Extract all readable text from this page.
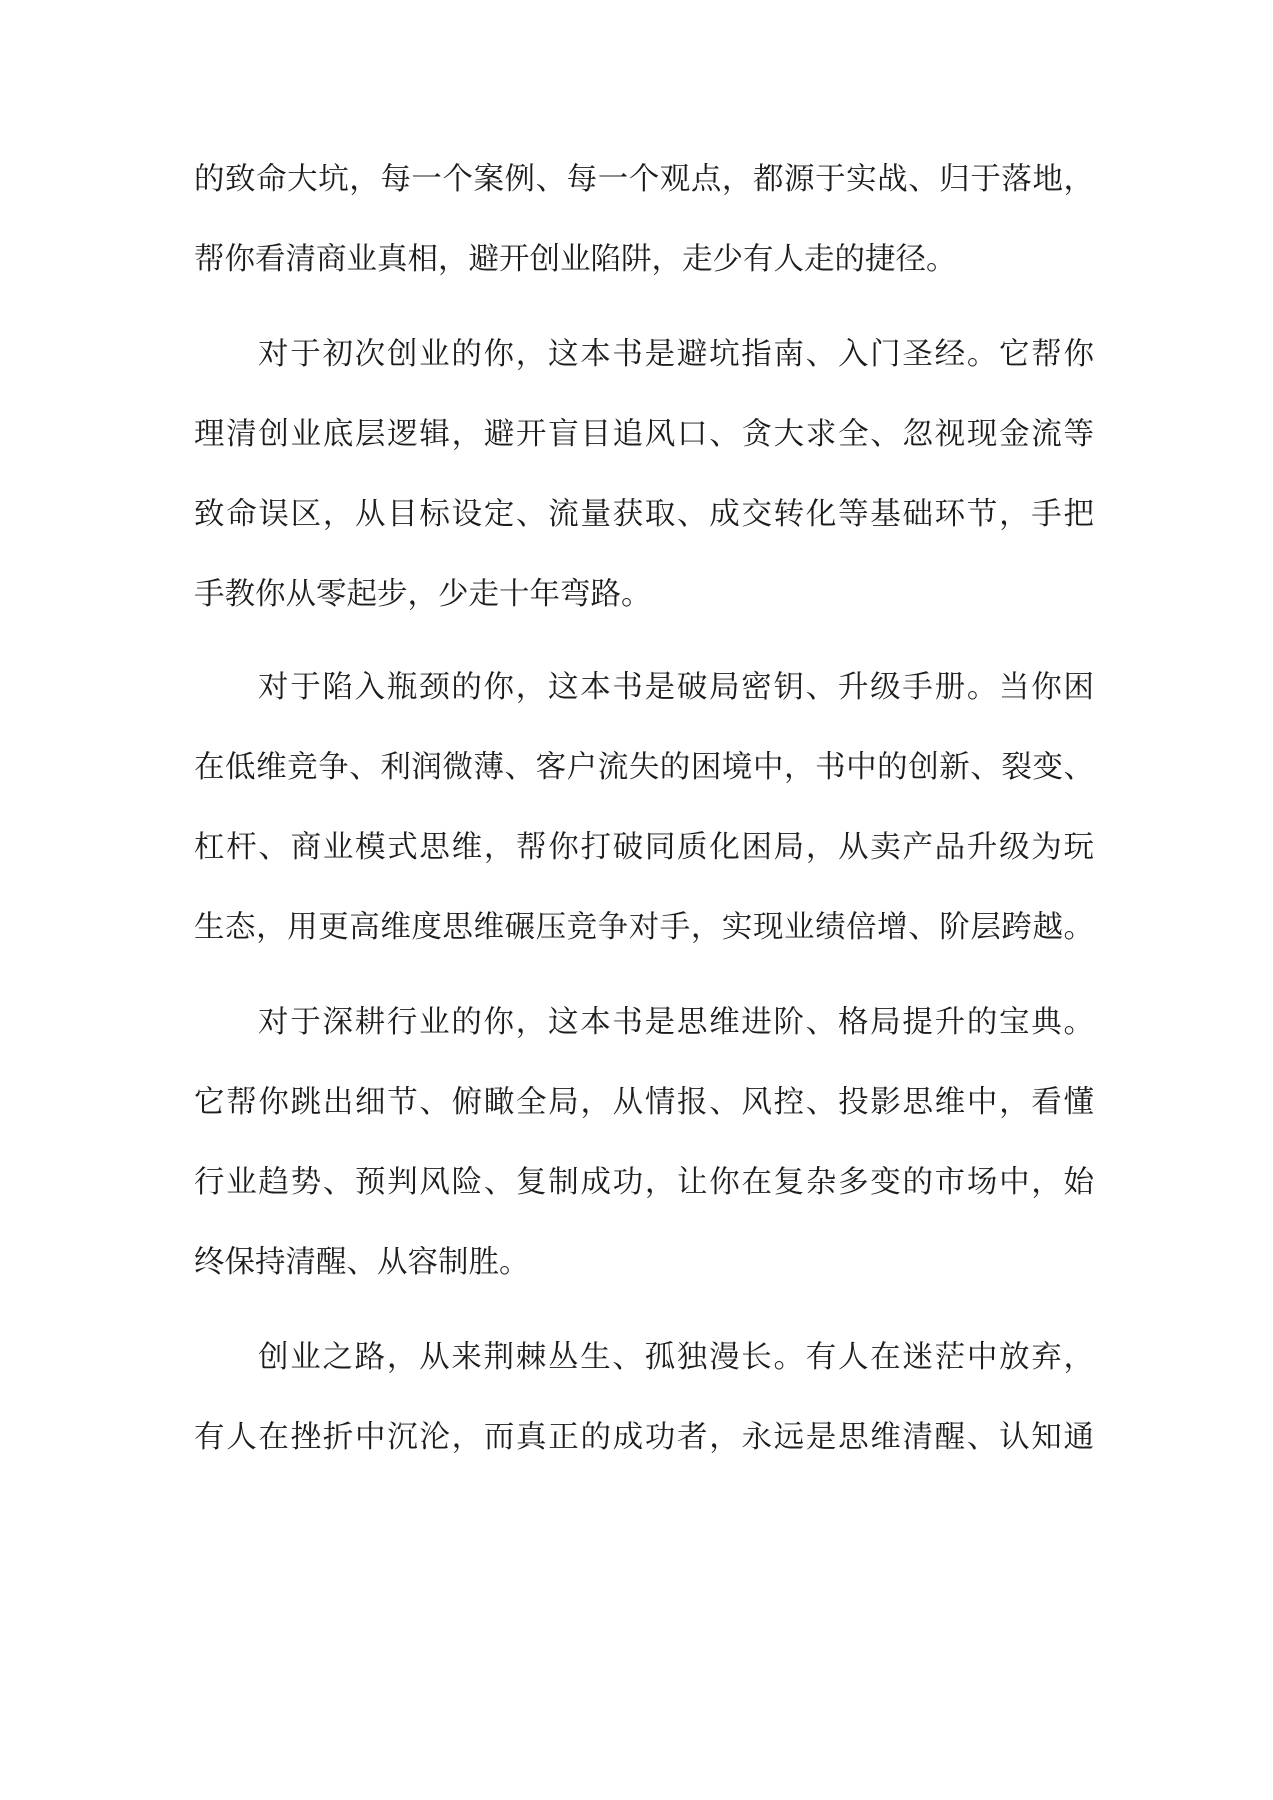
的致命大坑，每一个案例、每一个观点，都源于实战、归于落地，
帮你看清商业真相，避开创业陷阱，走少有人走的捷径。
对于初次创业的你，这本书是避坑指南、入门圣经。它帮你
理清创业底层逻辑，避开盲目追风口、贪大求全、忽视现金流等
致命误区，从目标设定、流量获取、成交转化等基础环节，手把
手教你从零起步，少走十年弯路。
对于陷入瓶颈的你，这本书是破局密钥、升级手册。当你困
在低维竞争、利润微薄、客户流失的困境中，书中的创新、裂变、
杠杆、商业模式思维，帮你打破同质化困局，从卖产品升级为玩
生态，用更高维度思维碾压竞争对手，实现业绩倍增、阶层跨越。
对于深耕行业的你，这本书是思维进阶、格局提升的宝典。
它帮你跳出细节、俯瞰全局，从情报、风控、投影思维中，看懂
行业趋势、预判风险、复制成功，让你在复杂多变的市场中，始
终保持清醒、从容制胜。
创业之路，从来荆棘丛生、孤独漫长。有人在迷茫中放弃，
有人在挫折中沉沦，而真正的成功者，永远是思维清醒、认知通
